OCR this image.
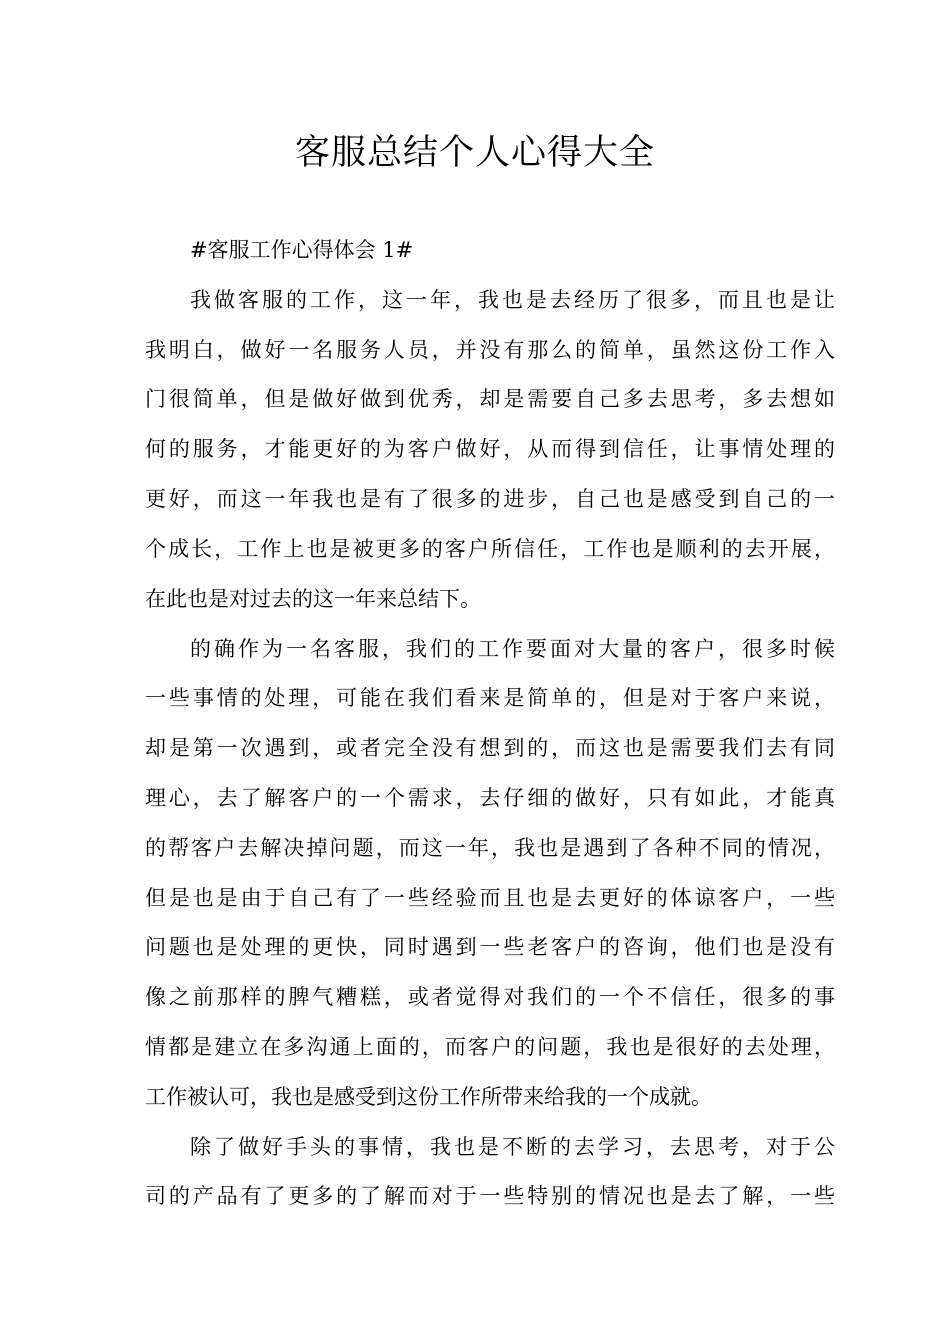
客服总结个人心得大全
#客服工作心得体会 1#
我做客服的工作，这一年，我也是去经历了很多，而且也是让
我明白，做好一名服务人员，并没有那么的简单，虽然这份工作入
门很简单，但是做好做到优秀，却是需要自己多去思考，多去想如
何的服务，才能更好的为客户做好，从而得到信任，让事情处理的
更好，而这一年我也是有了很多的进步，自己也是感受到自己的一
个成长，工作上也是被更多的客户所信任，工作也是顺利的去开展，
在此也是对过去的这一年来总结下。
的确作为一名客服，我们的工作要面对大量的客户，很多时候
一些事情的处理，可能在我们看来是简单的，但是对于客户来说，
却是第一次遇到，或者完全没有想到的，而这也是需要我们去有同
理心，去了解客户的一个需求，去仔细的做好，只有如此，才能真
的帮客户去解决掉问题，而这一年，我也是遇到了各种不同的情况，
但是也是由于自己有了一些经验而且也是去更好的体谅客户，一些
问题也是处理的更快，同时遇到一些老客户的咨询，他们也是没有
像之前那样的脾气糟糕，或者觉得对我们的一个不信任，很多的事
情都是建立在多沟通上面的，而客户的问题，我也是很好的去处理，
工作被认可，我也是感受到这份工作所带来给我的一个成就。
除了做好手头的事情，我也是不断的去学习，去思考，对于公
司的产品有了更多的了解而对于一些特别的情况也是去了解，一些
